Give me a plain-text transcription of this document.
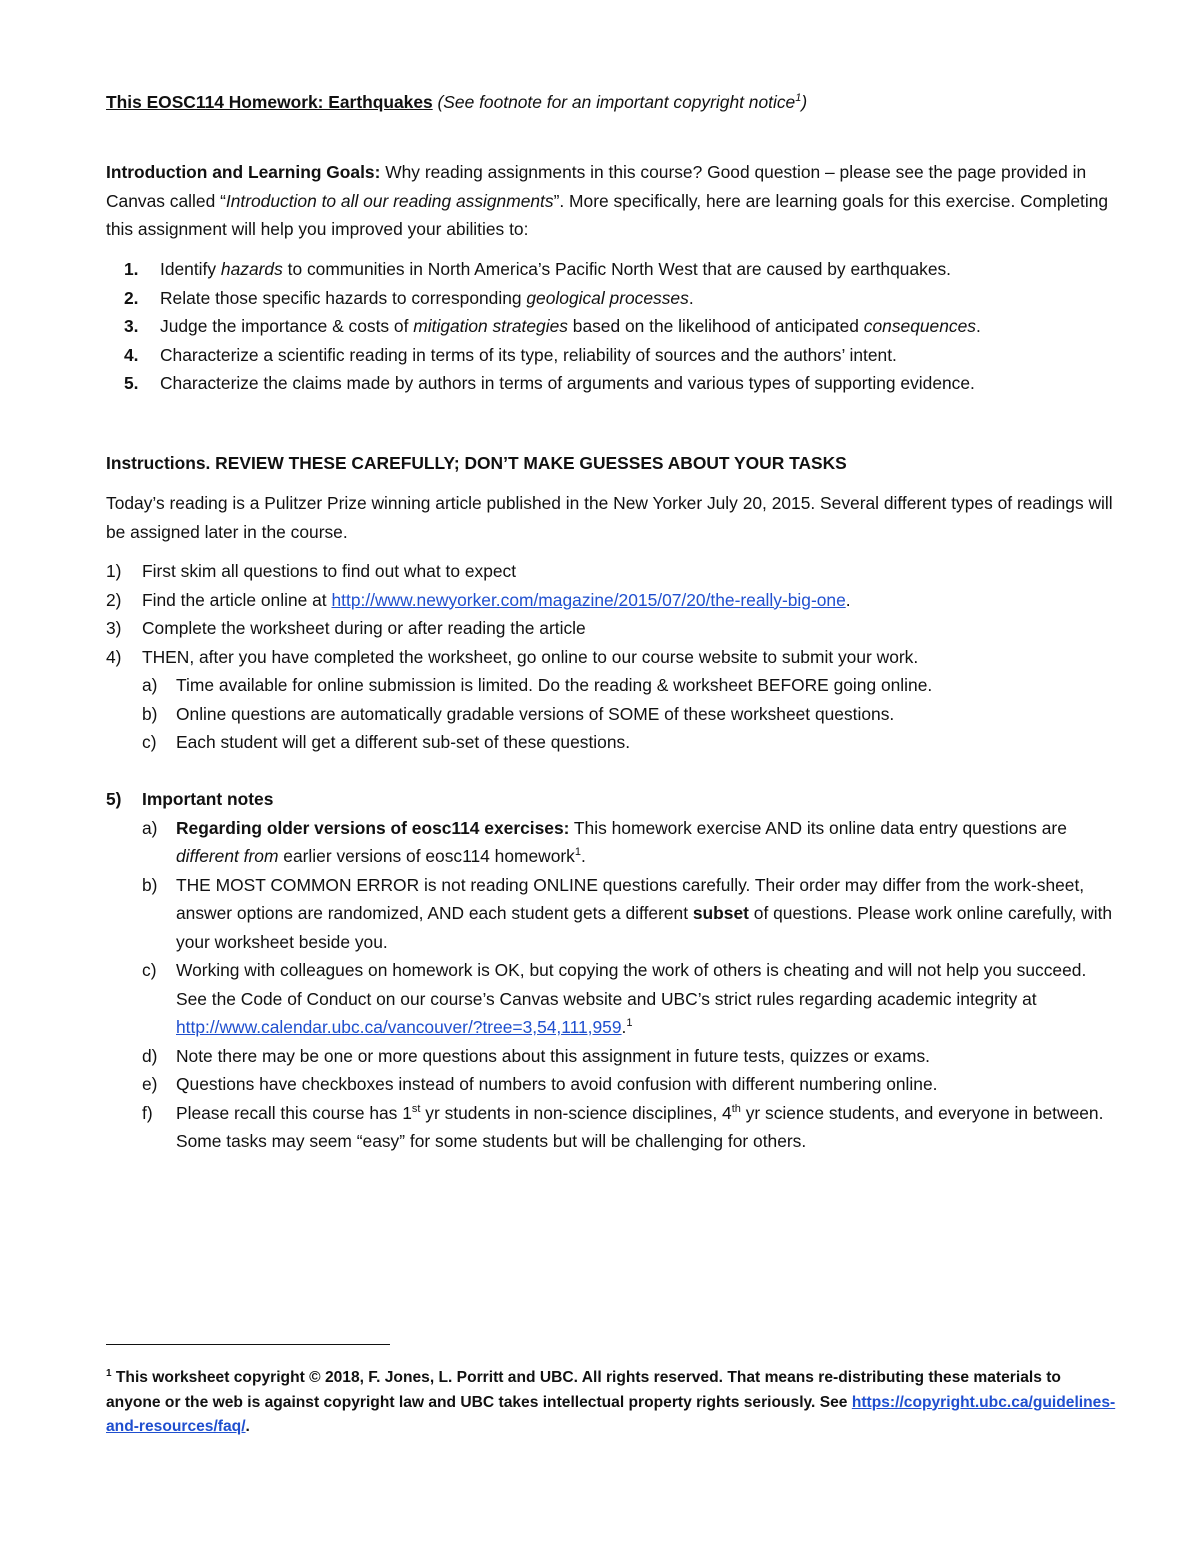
This EOSC114 Homework: Earthquakes (See footnote for an important copyright notice$^1$)
Introduction and Learning Goals: Why reading assignments in this course? Good question – please see the page provided in Canvas called “Introduction to all our reading assignments”. More specifically, here are learning goals for this exercise. Completing this assignment will help you improved your abilities to:
1. Identify hazards to communities in North America’s Pacific North West that are caused by earthquakes.
2. Relate those specific hazards to corresponding geological processes.
3. Judge the importance & costs of mitigation strategies based on the likelihood of anticipated consequences.
4. Characterize a scientific reading in terms of its type, reliability of sources and the authors’ intent.
5. Characterize the claims made by authors in terms of arguments and various types of supporting evidence.
Instructions. REVIEW THESE CAREFULLY; DON’T MAKE GUESSES ABOUT YOUR TASKS
Today’s reading is a Pulitzer Prize winning article published in the New Yorker July 20, 2015. Several different types of readings will be assigned later in the course.
1) First skim all questions to find out what to expect
2) Find the article online at http://www.newyorker.com/magazine/2015/07/20/the-really-big-one.
3) Complete the worksheet during or after reading the article
4) THEN, after you have completed the worksheet, go online to our course website to submit your work.
a) Time available for online submission is limited. Do the reading & worksheet BEFORE going online.
b) Online questions are automatically gradable versions of SOME of these worksheet questions.
c) Each student will get a different sub-set of these questions.
5) Important notes
a) Regarding older versions of eosc114 exercises: This homework exercise AND its online data entry questions are different from earlier versions of eosc114 homework$^1$.
b) THE MOST COMMON ERROR is not reading ONLINE questions carefully. Their order may differ from the work-sheet, answer options are randomized, AND each student gets a different subset of questions. Please work online carefully, with your worksheet beside you.
c) Working with colleagues on homework is OK, but copying the work of others is cheating and will not help you succeed. See the Code of Conduct on our course’s Canvas website and UBC’s strict rules regarding academic integrity at http://www.calendar.ubc.ca/vancouver/?tree=3,54,111,959.$^1$
d) Note there may be one or more questions about this assignment in future tests, quizzes or exams.
e) Questions have checkboxes instead of numbers to avoid confusion with different numbering online.
f) Please recall this course has 1st yr students in non-science disciplines, 4th yr science students, and everyone in between. Some tasks may seem “easy” for some students but will be challenging for others.
$^1$ This worksheet copyright © 2018, F. Jones, L. Porritt and UBC. All rights reserved. That means re-distributing these materials to anyone or the web is against copyright law and UBC takes intellectual property rights seriously. See https://copyright.ubc.ca/guidelines-and-resources/faq/.
